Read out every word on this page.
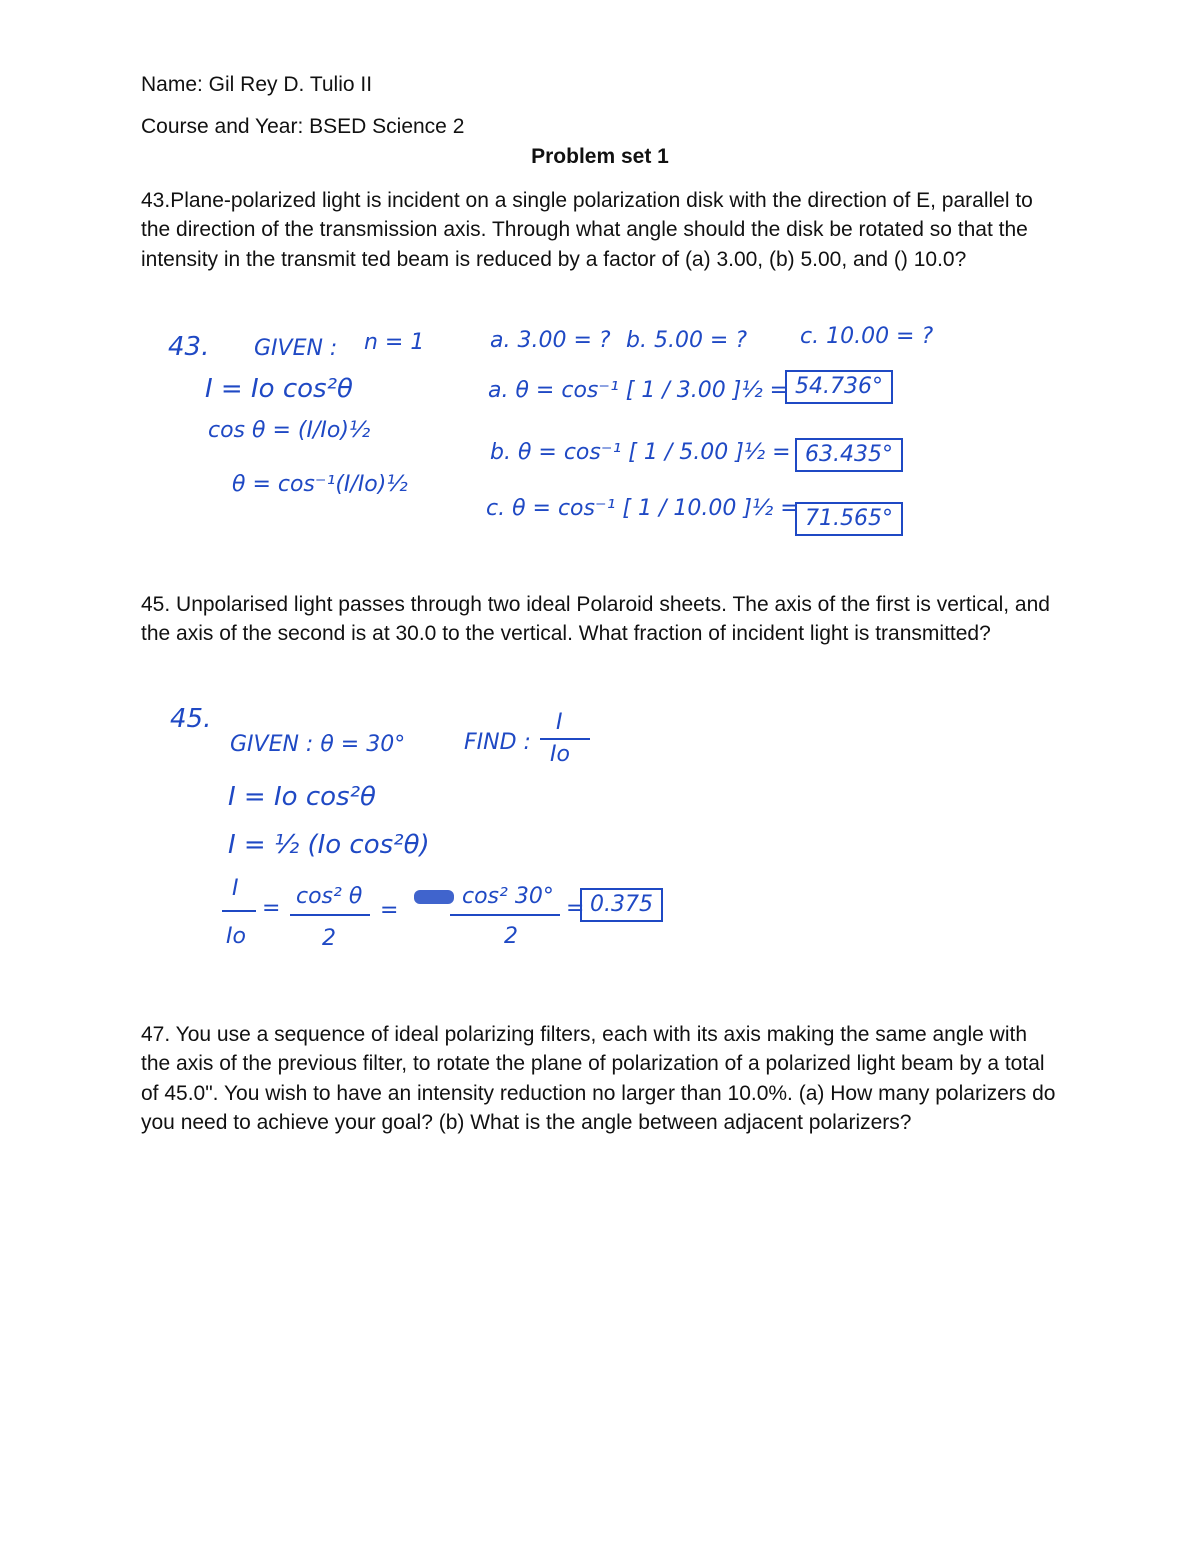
Name: Gil Rey D. Tulio II

Course and Year: BSED Science 2

Problem set 1

43.Plane-polarized light is incident on a single polarization disk with the direction of E, parallel to the direction of the transmission axis. Through what angle should the disk be rotated so that the intensity in the transmit ted beam is reduced by a factor of (a) 3.00, (b) 5.00, and () 10.0?

43. GIVEN : n = 1
I = Io cos²θ
cos θ = (I/Io)½
θ = cos⁻¹(I/Io)½
a. 3.00 = ? b. 5.00 = ? c. 10.00 = ?
a. θ = cos⁻¹ [ 1 / 3.00 ]½ = 54.736°
b. θ = cos⁻¹ [ 1 / 5.00 ]½ = 63.435°
c. θ = cos⁻¹ [ 1 / 10.00 ]½ = 71.565°

45. Unpolarised light passes through two ideal Polaroid sheets. The axis of the first is vertical, and the axis of the second is at 30.0 to the vertical. What fraction of incident light is transmitted?

45.
GIVEN : θ = 30°	FIND :
I
Io
I = Io cos²θ
I = ½ (Io cos²θ)
I
Io
= cos² θ
2
=
cos² 30°
2
= 0.375

47. You use a sequence of ideal polarizing filters, each with its axis making the same angle with the axis of the previous filter, to rotate the plane of polarization of a polarized light beam by a total of 45.0". You wish to have an intensity reduction no larger than 10.0%. (a) How many polarizers do you need to achieve your goal? (b) What is the angle between adjacent polarizers?
